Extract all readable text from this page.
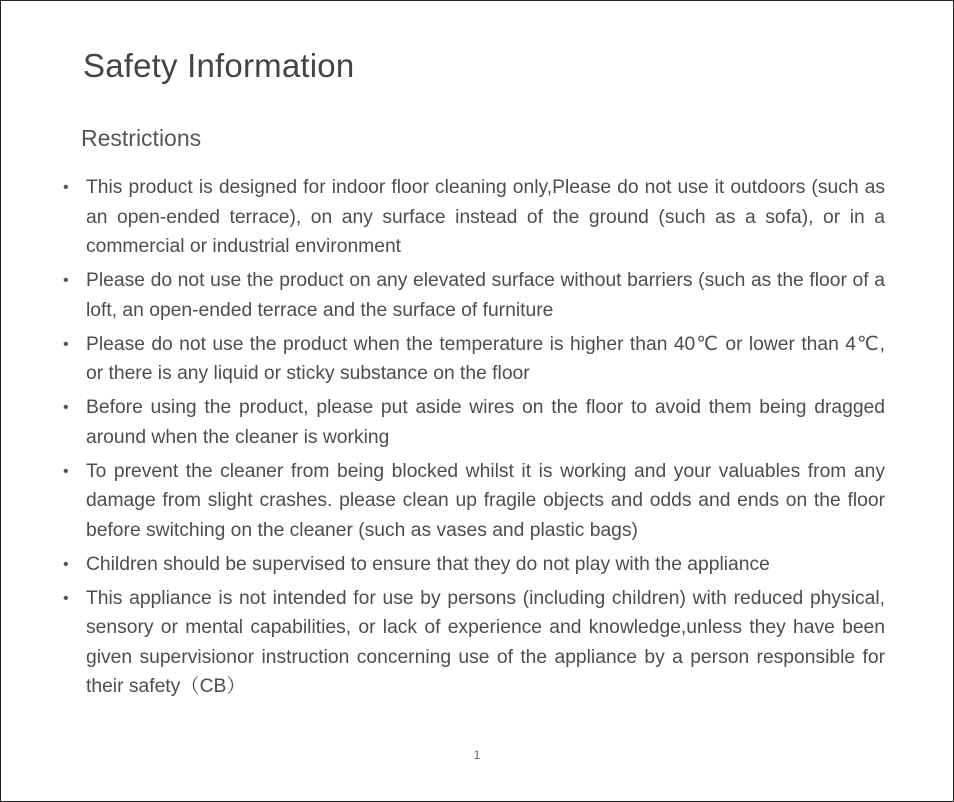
Safety Information
Restrictions
• This product is designed for indoor floor cleaning only,Please do not use it outdoors (such as an open-ended terrace), on any surface instead of the ground (such as a sofa), or in a commercial or industrial environment
• Please do not use the product on any elevated surface without barriers (such as the floor of a loft, an open-ended terrace and the surface of furniture
• Please do not use the product when the temperature is higher than 40℃ or lower than 4℃, or there is any liquid or sticky substance on the floor
• Before using the product, please put aside wires on the floor to avoid them being dragged around when the cleaner is working
• To prevent the cleaner from being blocked whilst it is working and your valuables from any damage from slight crashes. please clean up fragile objects and odds and ends on the floor before switching on the cleaner (such as vases and plastic bags)
• Children should be supervised to ensure that they do not play with the appliance
• This appliance is not intended for use by persons (including children) with reduced physical, sensory or mental capabilities, or lack of experience and knowledge,unless they have been given supervisionor instruction concerning use of the appliance by a person responsible for their safety（CB）
1
